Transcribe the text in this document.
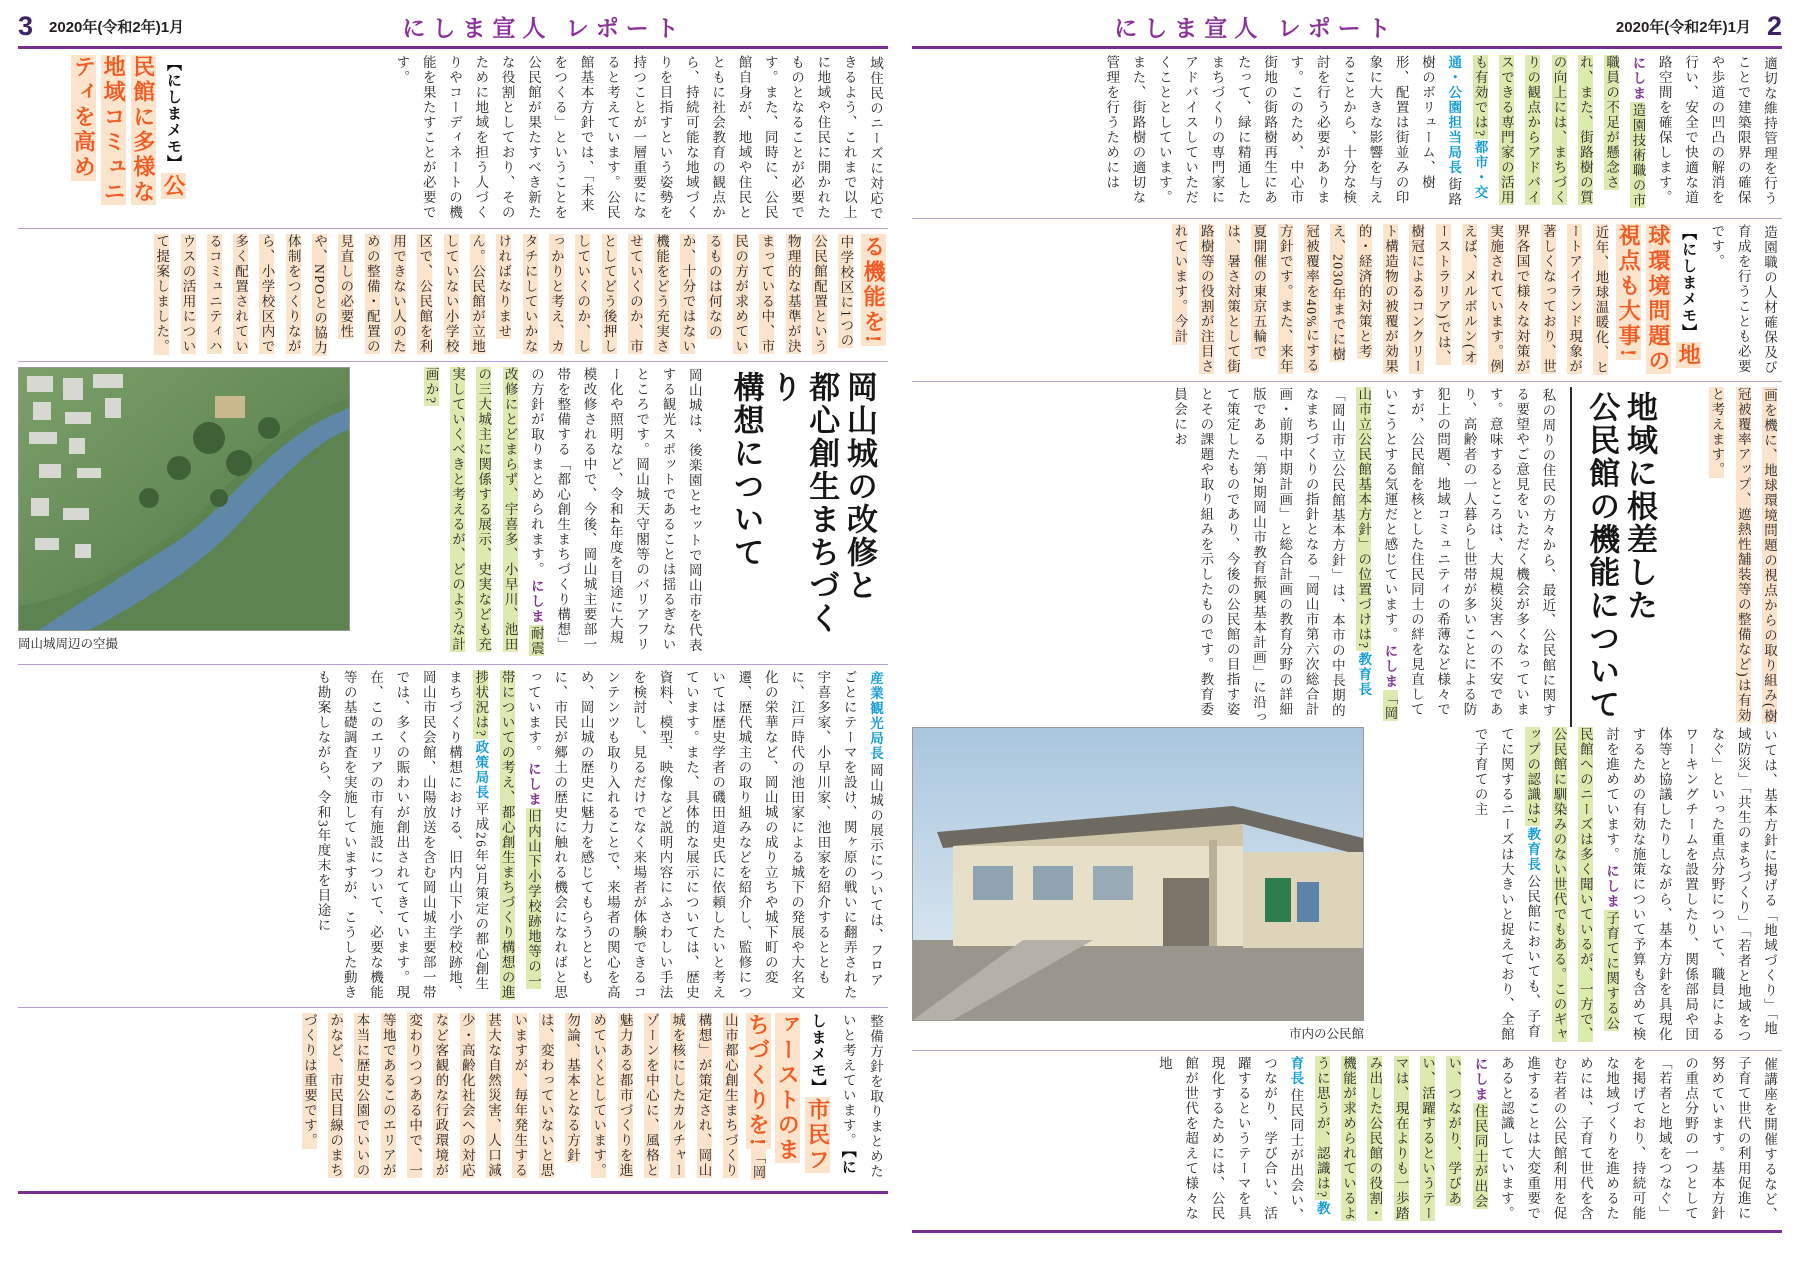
3 2020年(令和2年)1月	にしま宣人 レポート
域住民のニーズに対応できるよう、これまで以上に地域や住民に開かれたものとなることが必要です。また、同時に、公民館自身が、地域や住民とともに社会教育の観点から、持続可能な地域づくりを目指すという姿勢を持つことが一層重要になると考えています。公民館基本方針では、「未来をつくる」ということを公民館が果たすべき新たな役割としており、そのために地域を担う人づくりやコーディネートの機能を果たすことが必要です。
【にしまメモ】公民館に多様な地域コミュニティを高め
る機能を!中学校区に1つの公民館配置という物理的な基準が決まっている中、市民の方が求めているものは何なのか、十分ではない機能をどう充実させていくのか、市としてどう後押ししていくのか、しっかりと考え、カタチにしていかなければなりません。公民館が立地していない小学校区で、公民館を利用できない人のための整備・配置の見直しの必要性や、NPOとの協力体制をつくりながら、小学校区内で多く配置されているコミュニティハウスの活用について提案しました。
岡山城の改修と
都心創生まちづくり
構想について
岡山城は、後楽園とセットで岡山市を代表する観光スポットであることは揺るぎないところです。岡山城天守閣等のバリアフリー化や照明など、令和4年度を目途に大規模改修される中で、今後、岡山城主要部一帯を整備する「都心創生まちづくり構想」の方針が取りまとめられます。にしま耐震改修にとどまらず、宇喜多、小早川、池田の三大城主に関係する展示、史実なども充実していくべきと考えるが、どのような計画か?
岡山城周辺の空撮
産業観光局長岡山城の展示については、フロアごとにテーマを設け、関ヶ原の戦いに翻弄された宇喜多家、小早川家、池田家を紹介するとともに、江戸時代の池田家による城下の発展や大名文化の栄華など、岡山城の成り立ちや城下町の変遷、歴代城主の取り組みなどを紹介し、監修については歴史学者の磯田道史氏に依頼したいと考えています。また、具体的な展示については、歴史資料、模型、映像など説明内容にふさわしい手法を検討し、見るだけでなく来場者が体験できるコンテンツも取り入れることで、来場者の関心を高め、岡山城の歴史に魅力を感じてもらうとともに、市民が郷土の歴史に触れる機会になればと思っています。にしま旧内山下小学校跡地等の一帯についての考え、都心創生まちづくり構想の進捗状況は?政策局長平成26年3月策定の都心創生まちづくり構想における、旧内山下小学校跡地、岡山市民会館、山陽放送を含む岡山城主要部一帯では、多くの賑わいが創出されてきています。現在、このエリアの市有施設について、必要な機能等の基礎調査を実施していますが、こうした動きも勘案しながら、令和3年度末を目途に
整備方針を取りまとめたいと考えています。【にしまメモ】市民ファーストのまちづくりを!「岡山市都心創生まちづくり構想」が策定され、岡山城を核にしたカルチャーゾーンを中心に、風格と魅力ある都市づくりを進めていくとしています。勿論、基本となる方針は、変わっていないと思いますが、毎年発生する甚大な自然災害、人口減少・高齢化社会への対応など客観的な行政環境が変わりつつある中で、一等地であるこのエリアが本当に歴史公園でいいのかなど、市民目線のまちづくりは重要です。
にしま宣人 レポート	2020年(令和2年)1月 2
適切な維持管理を行うことで建築限界の確保や歩道の凹凸の解消を行い、安全で快適な道路空間を確保します。にしま造園技術職の市職員の不足が懸念され、また、街路樹の質の向上には、まちづくりの観点からアドバイスできる専門家の活用も有効では?都市・交通・公園担当局長街路樹のボリューム、樹形、配置は街並みの印象に大きな影響を与えることから、十分な検討を行う必要があります。このため、中心市街地の街路樹再生にあたって、緑に精通したまちづくりの専門家にアドバイスしていただくこととしています。また、街路樹の適切な管理を行うためには
造園職の人材確保及び育成を行うことも必要です。【にしまメモ】地球環境問題の視点も大事!近年、地球温暖化、ヒートアイランド現象が著しくなっており、世界各国で様々な対策が実施されています。例えば、メルボルン(オーストラリア)では、樹冠によるコンクリート構造物の被覆が効果的・経済的対策と考え、2030年までに樹冠被覆率を40%にする方針です。また、来年夏開催の東京五輪では、暑さ対策として街路樹等の役割が注目されています。今計
画を機に、地球環境問題の視点からの取り組み(樹冠被覆率アップ、遮熱性舗装等の整備など)は有効と考えます。
地域に根差した
公民館の機能について
私の周りの住民の方々から、最近、公民館に関する要望やご意見をいただく機会が多くなっています。意味するところは、大規模災害への不安であり、高齢者の一人暮らし世帯が多いことによる防犯上の問題、地域コミュニティの希薄など様々ですが、公民館を核とした住民同士の絆を見直していこうとする気運だと感じています。にしま「岡山市立公民館基本方針」の位置づけは?教育長「岡山市立公民館基本方針」は、本市の中長期的なまちづくりの指針となる「岡山市第六次総合計画・前期中期計画」と総合計画の教育分野の詳細版である「第2期岡山市教育振興基本計画」に沿って策定したものであり、今後の公民館の目指す姿とその課題や取り組みを示したものです。教育委員会にお
いては、基本方針に掲げる「地域づくり」「地域防災」「共生のまちづくり」「若者と地域をつなぐ」といった重点分野について、職員によるワーキングチームを設置したり、関係部局や団体等と協議したりしながら、基本方針を具現化するための有効な施策について予算も含めて検討を進めています。にしま子育てに関する公民館へのニーズは多く聞いているが、一方で、公民館に馴染みのない世代でもある。このギャップの認識は?教育長公民館においても、子育てに関するニーズは大きいと捉えており、全館で子育ての主
市内の公民館
催講座を開催するなど、子育て世代の利用促進に努めています。基本方針の重点分野の一つとして「若者と地域をつなぐ」を掲げており、持続可能な地域づくりを進めるためには、子育て世代を含む若者の公民館利用を促進することは大変重要であると認識しています。にしま住民同士が出会い、つながり、学びあい、活躍するというテーマは、現在よりも一歩踏み出した公民館の役割・機能が求められているように思うが、認識は?教育長住民同士が出会い、つながり、学び合い、活躍するというテーマを具現化するためには、公民館が世代を超えて様々な地
